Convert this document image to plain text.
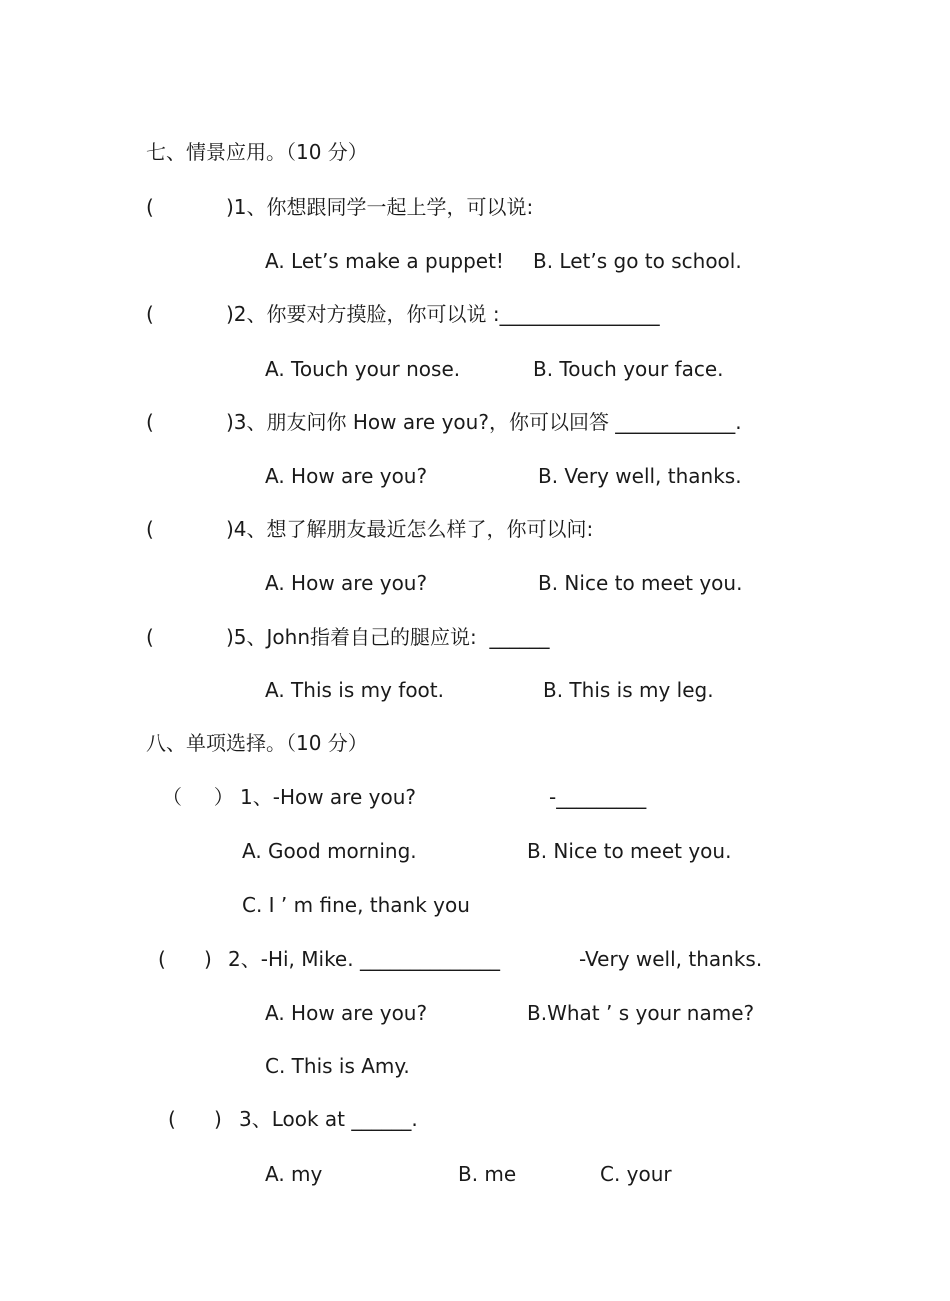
七、情景应用。（10 分）
(	)1、你想跟同学一起上学，可以说:
A. Let’s make a puppet! B. Let’s go to school.
(	)2、你要对方摸脸，你可以说 :________________
A. Touch your nose.	B. Touch your face.
(	)3、朋友问你 How are you?，你可以回答 ____________.
A. How are you?	B. Very well, thanks.
(	)4、想了解朋友最近怎么样了，你可以问:
A. How are you?	B. Nice to meet you.
(	)5、John指着自己的腿应说:  ______
A. This is my foot.	B. This is my leg.
八、单项选择。（10 分）
（     ） 1、-How are you?	-_________
A. Good morning.	B. Nice to meet you.
C. I ’ m fine, thank you
(      ) 2、-Hi, Mike. ______________	-Very well, thanks.
A. How are you?	B.What ’ s your name?
C. This is Amy.
(      ) 3、Look at ______.
A. my	B. me	C. your
